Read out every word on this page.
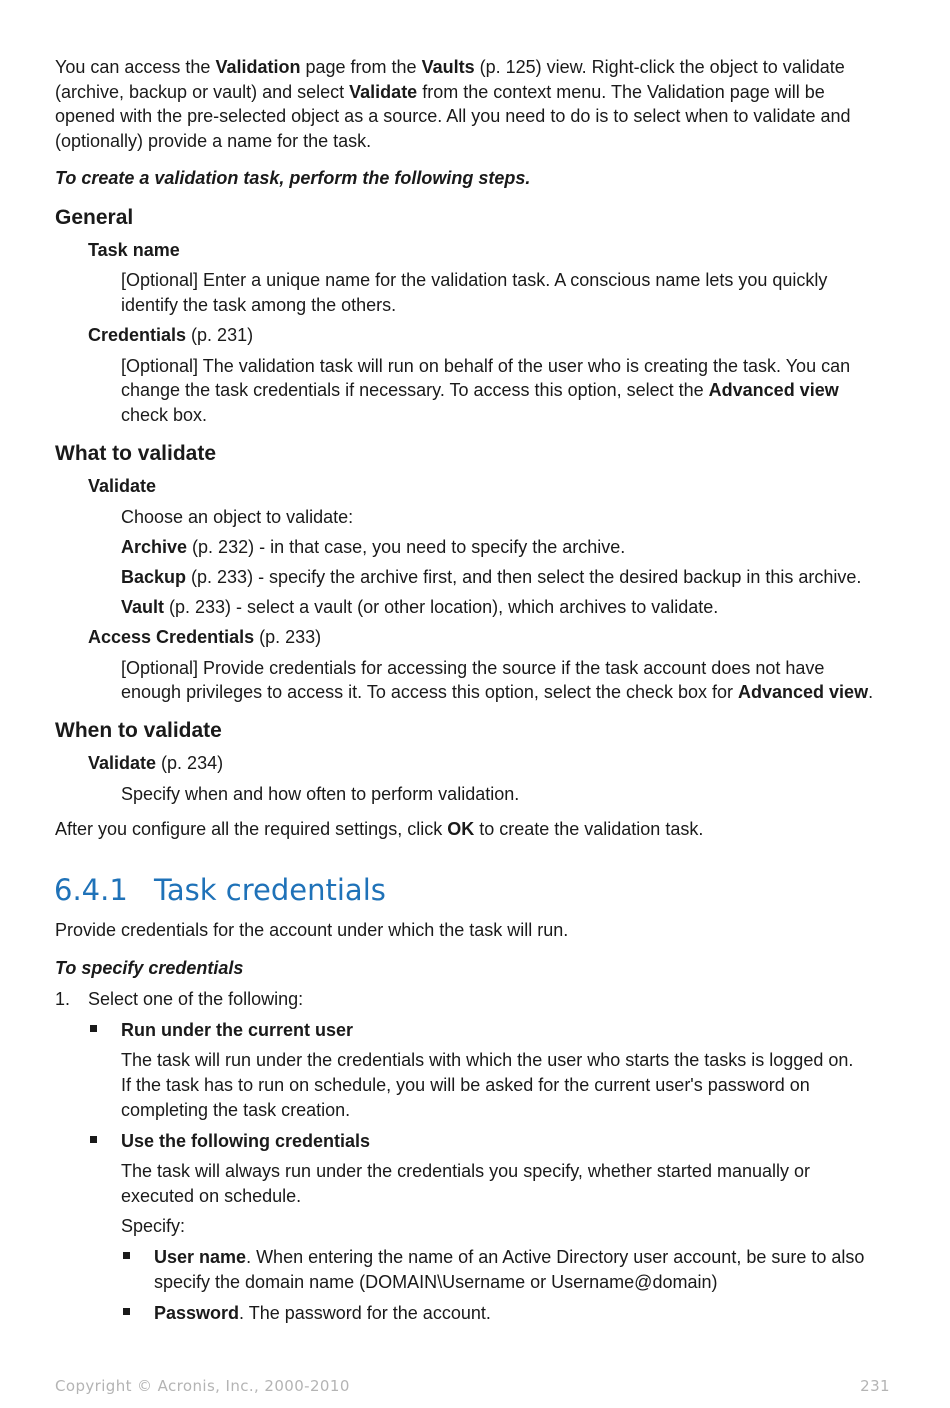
You can access the Validation page from the Vaults (p. 125) view. Right-click the object to validate
(archive, backup or vault) and select Validate from the context menu. The Validation page will be
opened with the pre-selected object as a source. All you need to do is to select when to validate and
(optionally) provide a name for the task.
To create a validation task, perform the following steps.
General
Task name
[Optional] Enter a unique name for the validation task. A conscious name lets you quickly
identify the task among the others.
Credentials (p. 231)
[Optional] The validation task will run on behalf of the user who is creating the task. You can
change the task credentials if necessary. To access this option, select the Advanced view
check box.
What to validate
Validate
Choose an object to validate:
Archive (p. 232) - in that case, you need to specify the archive.
Backup (p. 233) - specify the archive first, and then select the desired backup in this archive.
Vault (p. 233) - select a vault (or other location), which archives to validate.
Access Credentials (p. 233)
[Optional] Provide credentials for accessing the source if the task account does not have
enough privileges to access it. To access this option, select the check box for Advanced view.
When to validate
Validate (p. 234)
Specify when and how often to perform validation.
After you configure all the required settings, click OK to create the validation task.
6.4.1 Task credentials
Provide credentials for the account under which the task will run.
To specify credentials
1. Select one of the following:
Run under the current user
The task will run under the credentials with which the user who starts the tasks is logged on.
If the task has to run on schedule, you will be asked for the current user's password on
completing the task creation.
Use the following credentials
The task will always run under the credentials you specify, whether started manually or
executed on schedule.
Specify:
User name. When entering the name of an Active Directory user account, be sure to also
specify the domain name (DOMAIN\Username or Username@domain)
Password. The password for the account.
Copyright © Acronis, Inc., 2000-2010	231
